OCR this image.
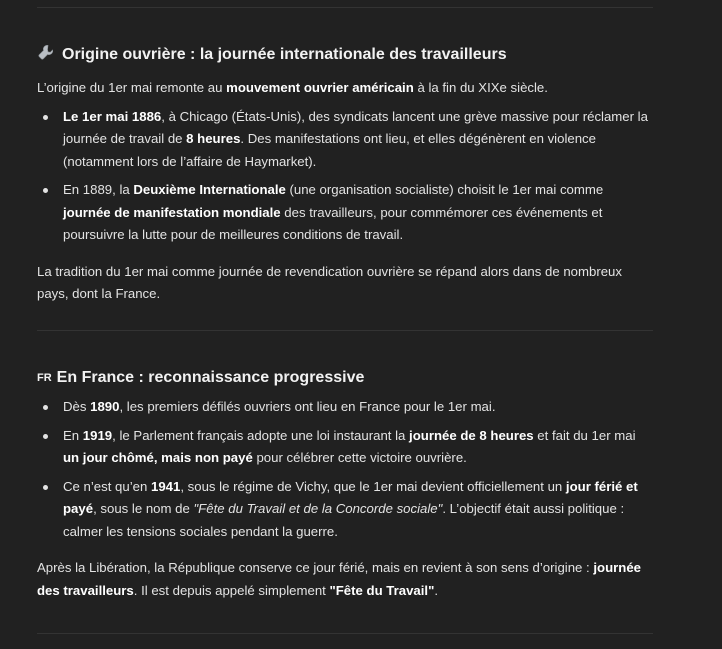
Origine ouvrière : la journée internationale des travailleurs

L’origine du 1er mai remonte au mouvement ouvrier américain à la fin du XIXe siècle.

Le 1er mai 1886, à Chicago (États-Unis), des syndicats lancent une grève massive pour réclamer la journée de travail de 8 heures. Des manifestations ont lieu, et elles dégénèrent en violence (notamment lors de l’affaire de Haymarket).
En 1889, la Deuxième Internationale (une organisation socialiste) choisit le 1er mai comme journée de manifestation mondiale des travailleurs, pour commémorer ces événements et poursuivre la lutte pour de meilleures conditions de travail.

La tradition du 1er mai comme journée de revendication ouvrière se répand alors dans de nombreux pays, dont la France.

FR En France : reconnaissance progressive
Dès 1890, les premiers défilés ouvriers ont lieu en France pour le 1er mai.
En 1919, le Parlement français adopte une loi instaurant la journée de 8 heures et fait du 1er mai un jour chômé, mais non payé pour célébrer cette victoire ouvrière.
Ce n’est qu’en 1941, sous le régime de Vichy, que le 1er mai devient officiellement un jour férié et payé, sous le nom de "Fête du Travail et de la Concorde sociale". L’objectif était aussi politique : calmer les tensions sociales pendant la guerre.

Après la Libération, la République conserve ce jour férié, mais en revient à son sens d’origine : journée des travailleurs. Il est depuis appelé simplement "Fête du Travail".
